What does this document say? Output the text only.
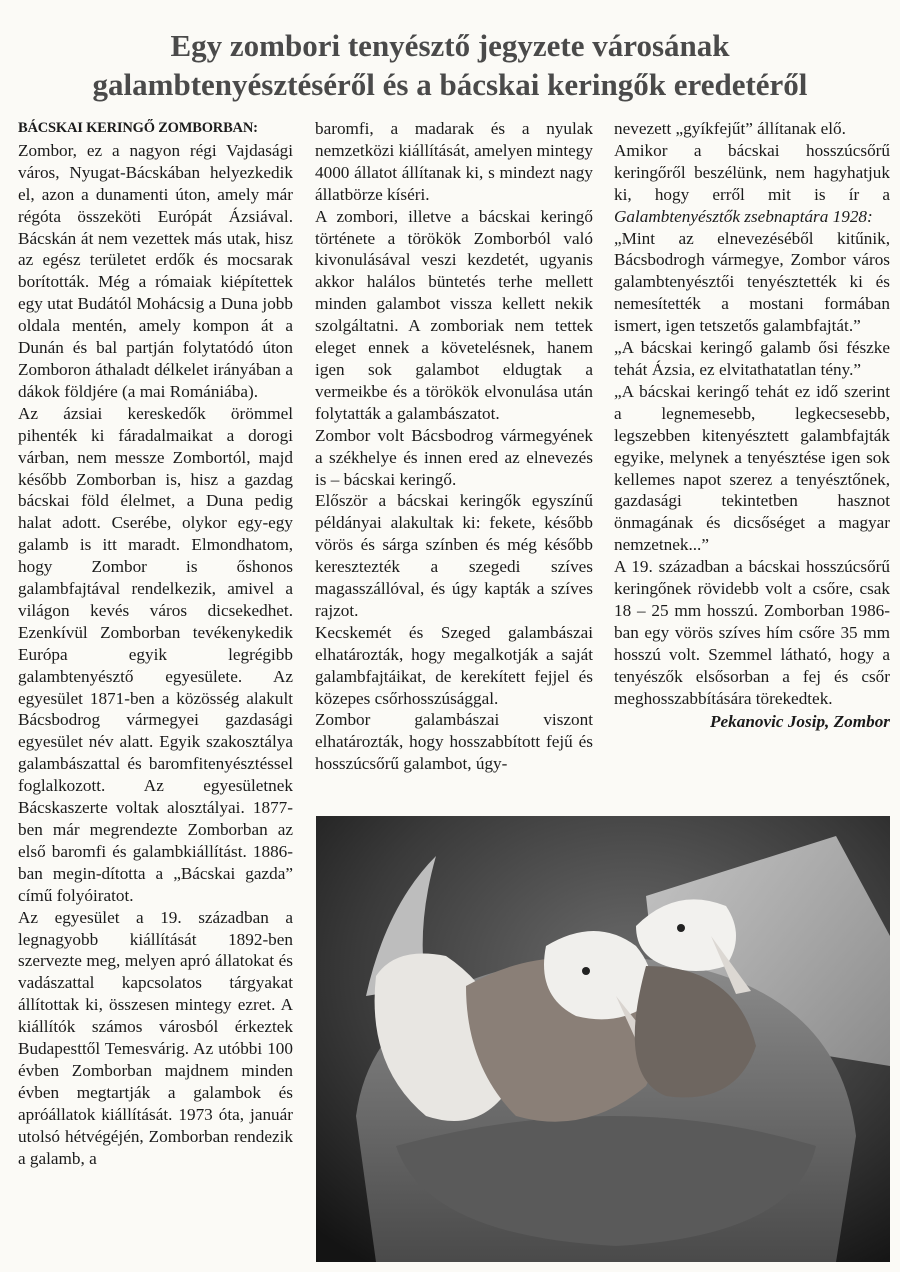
Egy zombori tenyésztő jegyzete városának
galambtenyésztéséről és a bácskai keringők eredetéről

BÁCSKAI KERINGŐ ZOMBORBAN:
Zombor, ez a nagyon régi Vajdasági város, Nyugat-Bácskában helyezkedik el, azon a dunamenti úton, amely már régóta összeköti Európát Ázsiával. Bácskán át nem vezettek más utak, hisz az egész területet erdők és mocsarak borították. Még a rómaiak kiépítettek egy utat Budától Mohácsig a Duna jobb oldala mentén, amely kompon át a Dunán és bal partján folytatódó úton Zomboron áthaladt délkelet irányában a dákok földjére (a mai Romániába).

Az ázsiai kereskedők örömmel pihenték ki fáradalmaikat a dorogi várban, nem messze Zombortól, majd később Zomborban is, hisz a gazdag bácskai föld élelmet, a Duna pedig halat adott. Cserébe, olykor egy-egy galamb is itt maradt. Elmondhatom, hogy Zombor is őshonos galambfajtával rendelkezik, amivel a világon kevés város dicsekedhet. Ezenkívül Zomborban tevékenykedik Európa egyik legrégibb galambtenyésztő egyesülete. Az egyesület 1871-ben a közösség alakult Bácsbodrog vármegyei gazdasági egyesület név alatt. Egyik szakosztálya galambászattal és baromfitenyésztéssel foglalkozott. Az egyesületnek Bácskaszerte voltak alosztályai. 1877-ben már megrendezte Zomborban az első baromfi és galambkiállítást. 1886-ban megin-dította a „Bácskai gazda” című folyóiratot.

Az egyesület a 19. században a legnagyobb kiállítását 1892-ben szervezte meg, melyen apró állatokat és vadászattal kapcsolatos tárgyakat állítottak ki, összesen mintegy ezret. A kiállítók számos városból érkeztek Budapesttől Temesvárig. Az utóbbi 100 évben Zomborban majdnem minden évben megtartják a galambok és apróállatok kiállítását. 1973 óta, január utolsó hétvégéjén, Zomborban rendezik a galamb, a

baromfi, a madarak és a nyulak nemzetközi kiállítását, amelyen mintegy 4000 állatot állítanak ki, s mindezt nagy állatbörze kíséri.

A zombori, illetve a bácskai keringő története a törökök Zomborból való kivonulásával veszi kezdetét, ugyanis akkor halálos büntetés terhe mellett minden galambot vissza kellett nekik szolgáltatni. A zomboriak nem tettek eleget ennek a követelésnek, hanem igen sok galambot eldugtak a vermeikbe és a törökök elvonulása után folytatták a galambászatot.

Zombor volt Bácsbodrog vármegyének a székhelye és innen ered az elnevezés is – bácskai keringő.

Először a bácskai keringők egyszínű példányai alakultak ki: fekete, később vörös és sárga színben és még később keresztezték a szegedi szíves magasszállóval, és úgy kapták a szíves rajzot.

Kecskemét és Szeged galambászai elhatározták, hogy megalkotják a saját galambfajtáikat, de kerekített fejjel és közepes csőrhosszúsággal.

Zombor galambászai viszont elhatározták, hogy hosszabbított fejű és hosszúcsőrű galambot, úgy-

nevezett „gyíkfejűt” állítanak elő.

Amikor a bácskai hosszúcsőrű keringőről beszélünk, nem hagyhatjuk ki, hogy erről mit is ír a Galambtenyésztők zsebnaptára 1928:

„Mint az elnevezéséből kitűnik, Bácsbodrogh vármegye, Zombor város galambtenyésztői tenyésztették ki és nemesítették a mostani formában ismert, igen tetszetős galambfajtát.”

„A bácskai keringő galamb ősi fészke tehát Ázsia, ez elvitathatatlan tény.”

„A bácskai keringő tehát ez idő szerint a legnemesebb, legkecsesebb, legszebben kitenyésztett galambfajták egyike, melynek a tenyésztése igen sok kellemes napot szerez a tenyésztőnek, gazdasági tekintetben hasznot önmagának és dicsőséget a magyar nemzetnek...”

A 19. században a bácskai hosszúcsőrű keringőnek rövidebb volt a csőre, csak 18 – 25 mm hosszú. Zomborban 1986-ban egy vörös szíves hím csőre 35 mm hosszú volt. Szemmel látható, hogy a tenyészők elsősorban a fej és csőr meghosszabbítására törekedtek.

Pekanovic Josip, Zombor
